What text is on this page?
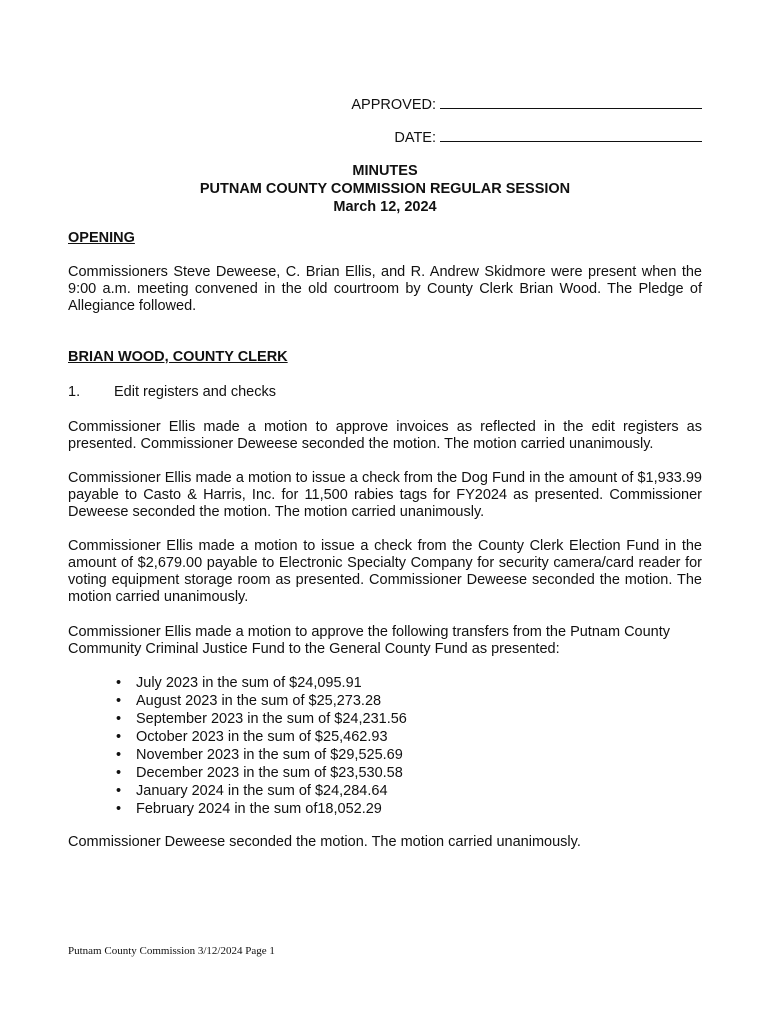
APPROVED:
DATE:
MINUTES
PUTNAM COUNTY COMMISSION REGULAR SESSION
March 12, 2024
OPENING
Commissioners Steve Deweese, C. Brian Ellis, and R. Andrew Skidmore were present when the 9:00 a.m. meeting convened in the old courtroom by County Clerk Brian Wood. The Pledge of Allegiance followed.
BRIAN WOOD, COUNTY CLERK
1. Edit registers and checks
Commissioner Ellis made a motion to approve invoices as reflected in the edit registers as presented. Commissioner Deweese seconded the motion. The motion carried unanimously.
Commissioner Ellis made a motion to issue a check from the Dog Fund in the amount of $1,933.99 payable to Casto & Harris, Inc. for 11,500 rabies tags for FY2024 as presented. Commissioner Deweese seconded the motion. The motion carried unanimously.
Commissioner Ellis made a motion to issue a check from the County Clerk Election Fund in the amount of $2,679.00 payable to Electronic Specialty Company for security camera/card reader for voting equipment storage room as presented. Commissioner Deweese seconded the motion. The motion carried unanimously.
Commissioner Ellis made a motion to approve the following transfers from the Putnam County Community Criminal Justice Fund to the General County Fund as presented:
• July 2023 in the sum of $24,095.91
• August 2023 in the sum of $25,273.28
• September 2023 in the sum of $24,231.56
• October 2023 in the sum of $25,462.93
• November 2023 in the sum of $29,525.69
• December 2023 in the sum of $23,530.58
• January 2024 in the sum of $24,284.64
• February 2024 in the sum of18,052.29
Commissioner Deweese seconded the motion. The motion carried unanimously.
Putnam County Commission 3/12/2024 Page 1
